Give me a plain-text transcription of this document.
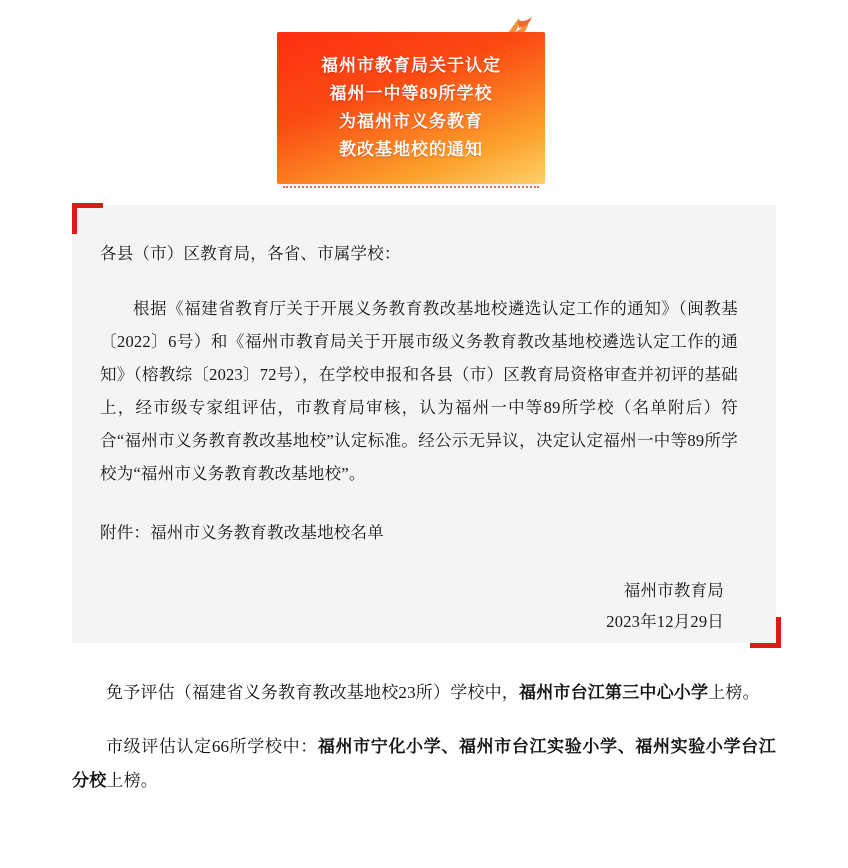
福州市教育局关于认定
福州一中等89所学校
为福州市义务教育
教改基地校的通知

各县（市）区教育局，各省、市属学校：

根据《福建省教育厅关于开展义务教育教改基地校遴选认定工作的通知》（闽教基〔2022〕6号）和《福州市教育局关于开展市级义务教育教改基地校遴选认定工作的通知》（榕教综〔2023〕72号），在学校申报和各县（市）区教育局资格审查并初评的基础上，经市级专家组评估，市教育局审核，认为福州一中等89所学校（名单附后）符合“福州市义务教育教改基地校”认定标准。经公示无异议，决定认定福州一中等89所学校为“福州市义务教育教改基地校”。

附件：福州市义务教育教改基地校名单

福州市教育局
2023年12月29日

免予评估（福建省义务教育教改基地校23所）学校中，福州市台江第三中心小学上榜。

市级评估认定66所学校中：福州市宁化小学、福州市台江实验小学、福州实验小学台江分校上榜。
